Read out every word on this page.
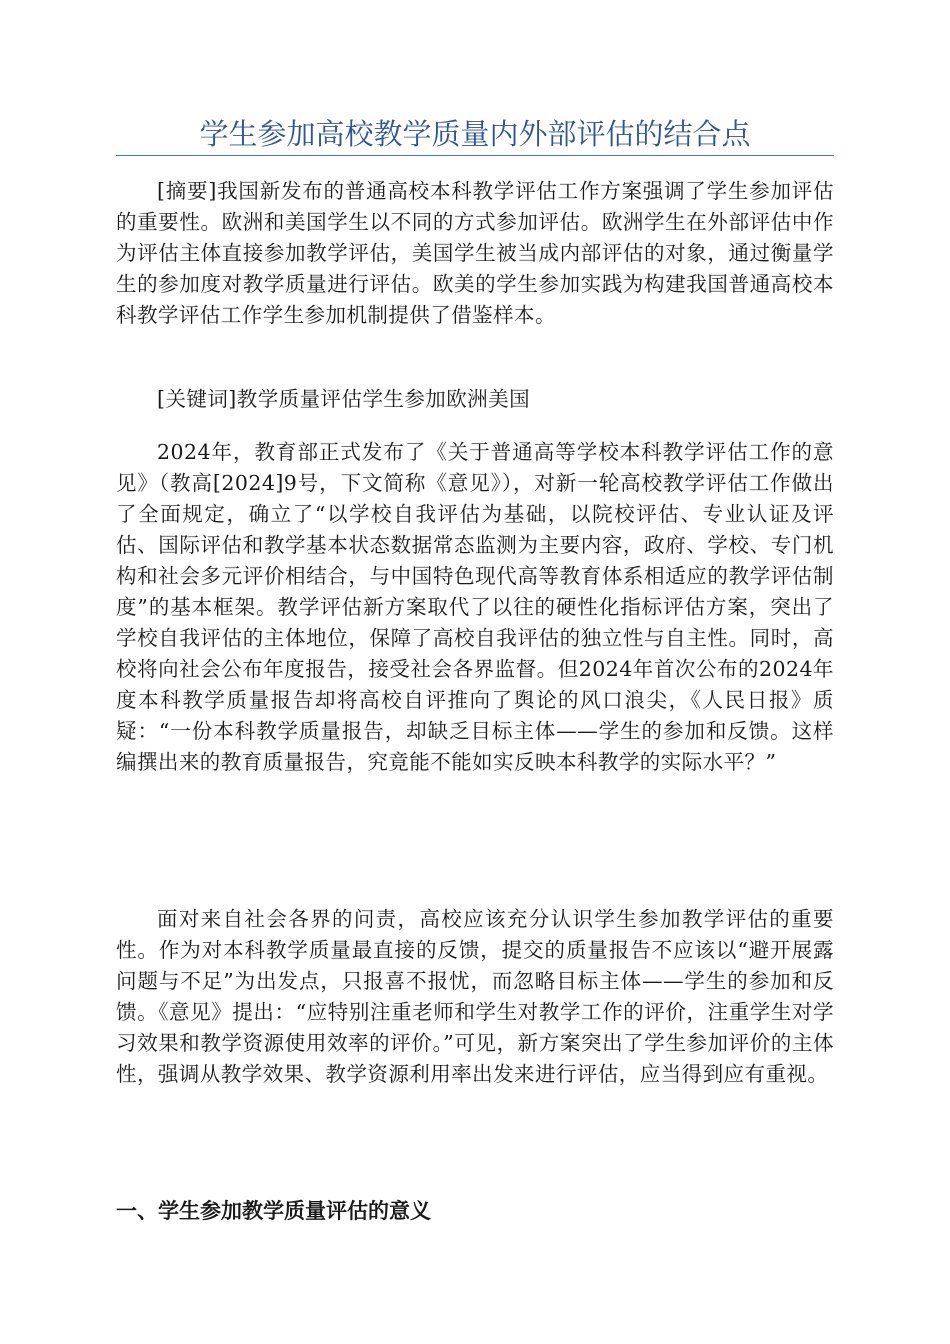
学生参加高校教学质量内外部评估的结合点

[摘要]我国新发布的普通高校本科教学评估工作方案强调了学生参加评估的重要性。欧洲和美国学生以不同的方式参加评估。欧洲学生在外部评估中作为评估主体直接参加教学评估，美国学生被当成内部评估的对象，通过衡量学生的参加度对教学质量进行评估。欧美的学生参加实践为构建我国普通高校本科教学评估工作学生参加机制提供了借鉴样本。

[关键词]教学质量评估学生参加欧洲美国

2024年，教育部正式发布了《关于普通高等学校本科教学评估工作的意见》（教高[2024]9号，下文简称《意见》），对新一轮高校教学评估工作做出了全面规定，确立了“以学校自我评估为基础，以院校评估、专业认证及评估、国际评估和教学基本状态数据常态监测为主要内容，政府、学校、专门机构和社会多元评价相结合，与中国特色现代高等教育体系相适应的教学评估制度”的基本框架。教学评估新方案取代了以往的硬性化指标评估方案，突出了学校自我评估的主体地位，保障了高校自我评估的独立性与自主性。同时，高校将向社会公布年度报告，接受社会各界监督。但2024年首次公布的2024年度本科教学质量报告却将高校自评推向了舆论的风口浪尖，《人民日报》质疑：“一份本科教学质量报告，却缺乏目标主体——学生的参加和反馈。这样编撰出来的教育质量报告，究竟能不能如实反映本科教学的实际水平？”

面对来自社会各界的问责，高校应该充分认识学生参加教学评估的重要性。作为对本科教学质量最直接的反馈，提交的质量报告不应该以“避开展露问题与不足”为出发点，只报喜不报忧，而忽略目标主体——学生的参加和反馈。《意见》提出：“应特别注重老师和学生对教学工作的评价，注重学生对学习效果和教学资源使用效率的评价。”可见，新方案突出了学生参加评价的主体性，强调从教学效果、教学资源利用率出发来进行评估，应当得到应有重视。

一、学生参加教学质量评估的意义
